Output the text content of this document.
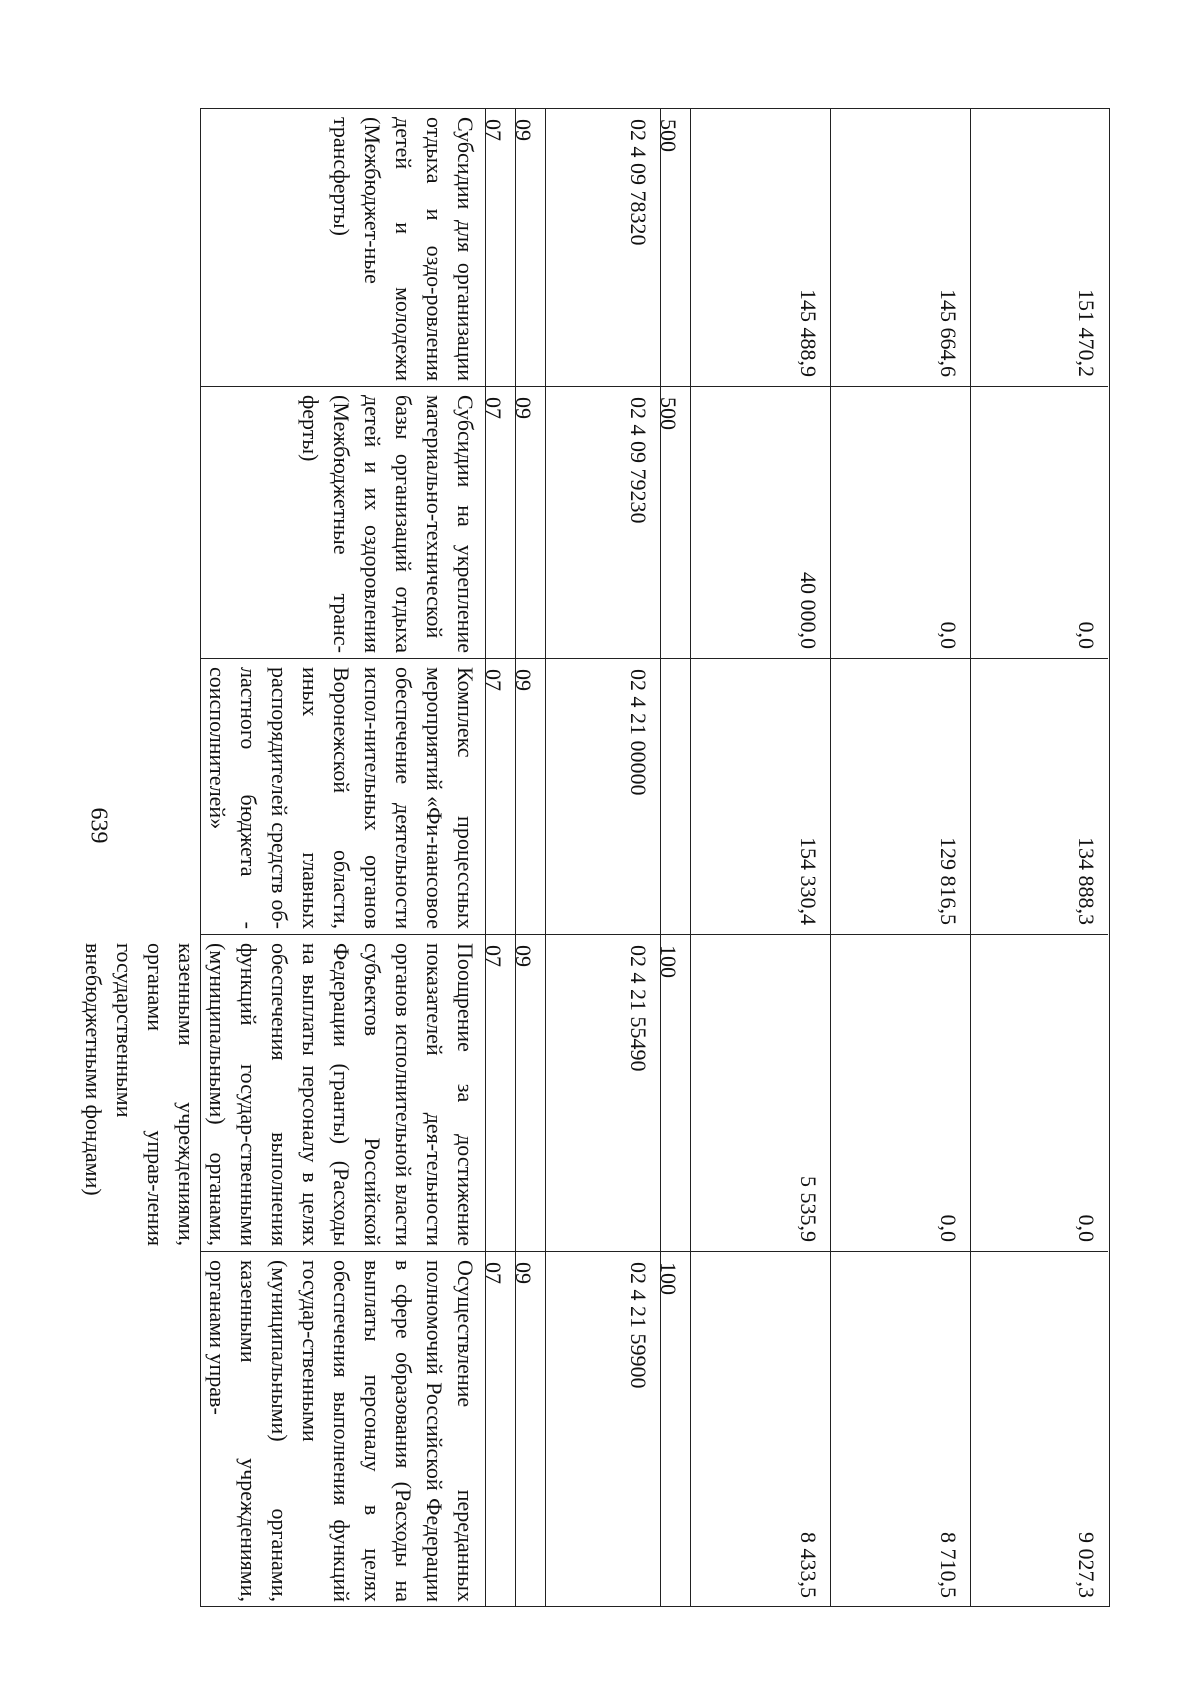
639
Субсидии для организации отдыха и оздо-ровления детей и молодежи (Межбюджет-ные трансферты)
Субсидии на укрепление материально-технической базы организаций отдыха детей и их оздоровления (Межбюджетные транс-ферты)
Комплекс процессных мероприятий «Фи-нансовое обеспечение деятельности испол-нительных органов Воронежской области, иных главных распорядителей средств об-ластного бюджета - соисполнителей»
Поощрение за достижение показателей дея-тельности органов исполнительной власти субъектов Российской Федерации (гранты) (Расходы на выплаты персоналу в целях обеспечения выполнения функций государ-ственными (муниципальными) органами, казенными учреждениями, органами управ-ления государственными внебюджетными фондами)
Осуществление переданных полномочий Российской Федерации в сфере образования (Расходы на выплаты персоналу в целях обеспечения выполнения функций государ-ственными (муниципальными) органами, казенными учреждениями, органами управ-
07
07
07
07
07
09
09
09
09
09
02 4 09 78320
02 4 09 79230
02 4 21 00000
02 4 21 55490
02 4 21 59900
500
500
100
100
145 488,9
40 000,0
154 330,4
5 535,9
8 433,5
145 664,6
0,0
129 816,5
0,0
8 710,5
151 470,2
0,0
134 888,3
0,0
9 027,3
